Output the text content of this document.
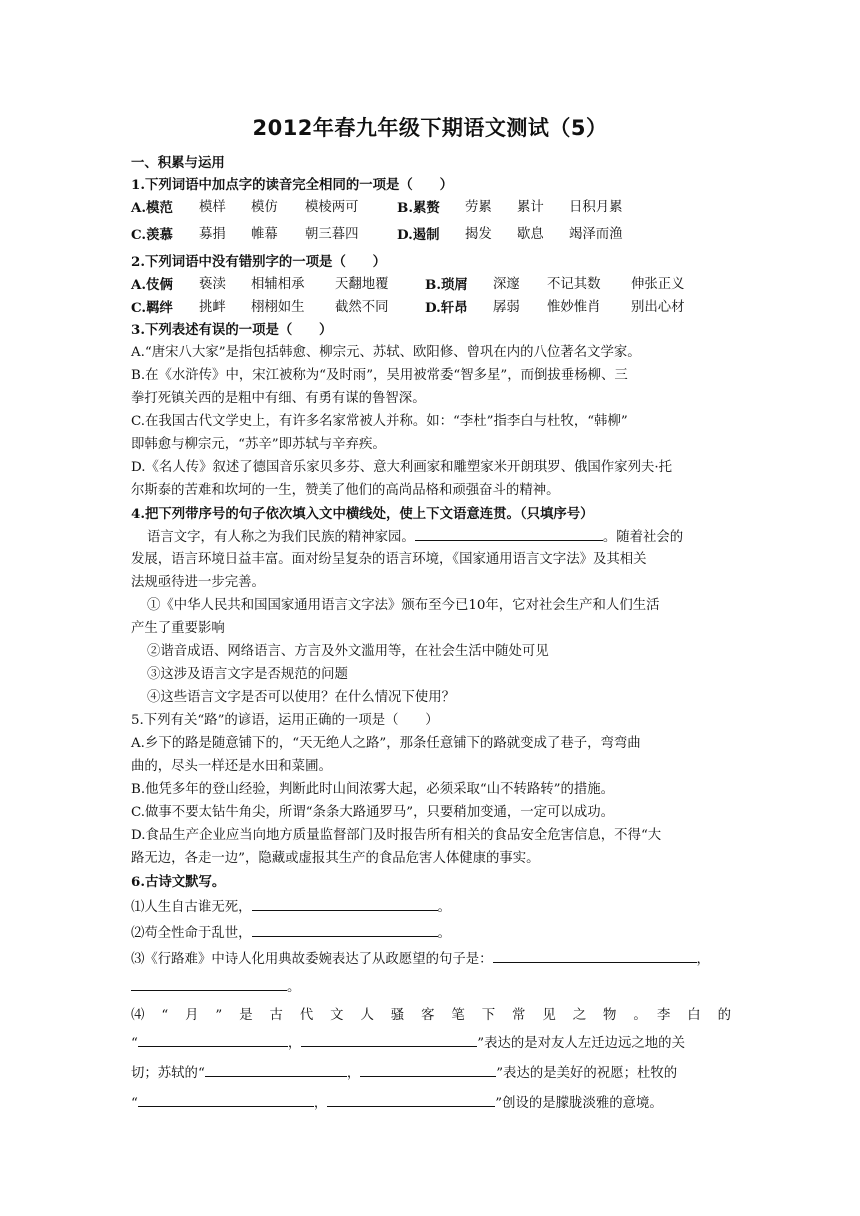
2012年春九年级下期语文测试（5）
一、积累与运用
1.下列词语中加点字的读音完全相同的一项是（　　）
A.模范	模样	模仿	模棱两可	B.累赘	劳累	累计	日积月累
C.羡慕	募捐	帷幕	朝三暮四	D.遏制	揭发	歇息	竭泽而渔
2.下列词语中没有错别字的一项是（　　）
A.伎俩	亵渎	相辅相承	天翻地覆	B.琐屑	深邃	不记其数	伸张正义
C.羁绊	挑衅	栩栩如生	截然不同	D.轩昂	孱弱	惟妙惟肖	别出心材
3.下列表述有误的一项是（　　）
A.“唐宋八大家”是指包括韩愈、柳宗元、苏轼、欧阳修、曾巩在内的八位著名文学家。
B.在《水浒传》中，宋江被称为“及时雨”，吴用被常委“智多星”，而倒拔垂杨柳、三
拳打死镇关西的是粗中有细、有勇有谋的鲁智深。
C.在我国古代文学史上，有许多名家常被人并称。如：“李杜”指李白与杜牧，“韩柳”
即韩愈与柳宗元，“苏辛”即苏轼与辛弃疾。
D.《名人传》叙述了德国音乐家贝多芬、意大利画家和雕塑家米开朗琪罗、俄国作家列夫·托
尔斯泰的苦难和坎坷的一生，赞美了他们的高尚品格和顽强奋斗的精神。
4.把下列带序号的句子依次填入文中横线处，使上下文语意连贯。（只填序号）
语言文字，有人称之为我们民族的精神家园。	。随着社会的
发展，语言环境日益丰富。面对纷呈复杂的语言环境，《国家通用语言文字法》及其相关
法规亟待进一步完善。
①《中华人民共和国国家通用语言文字法》颁布至今已10年，它对社会生产和人们生活
产生了重要影响
②谐音成语、网络语言、方言及外文滥用等，在社会生活中随处可见
③这涉及语言文字是否规范的问题
④这些语言文字是否可以使用？在什么情况下使用？
5.下列有关“路”的谚语，运用正确的一项是（　　）
A.乡下的路是随意铺下的，“天无绝人之路”，那条任意铺下的路就变成了巷子，弯弯曲
曲的，尽头一样还是水田和菜圃。
B.他凭多年的登山经验，判断此时山间浓雾大起，必须采取“山不转路转”的措施。
C.做事不要太钻牛角尖，所谓“条条大路通罗马”，只要稍加变通，一定可以成功。
D.食品生产企业应当向地方质量监督部门及时报告所有相关的食品安全危害信息，不得“大
路无边，各走一边”，隐藏或虚报其生产的食品危害人体健康的事实。
6.古诗文默写。
⑴人生自古谁无死，	。
⑵苟全性命于乱世，	。
⑶《行路难》中诗人化用典故委婉表达了从政愿望的句子是：	，
。
⑷　“　月　”　是　古　代　文　人　骚　客　笔　下　常　见　之　物　。　李　白　的
“	，	”表达的是对友人左迁边远之地的关
切；苏轼的“	，	”表达的是美好的祝愿；杜牧的
“	，	”创设的是朦胧淡雅的意境。
